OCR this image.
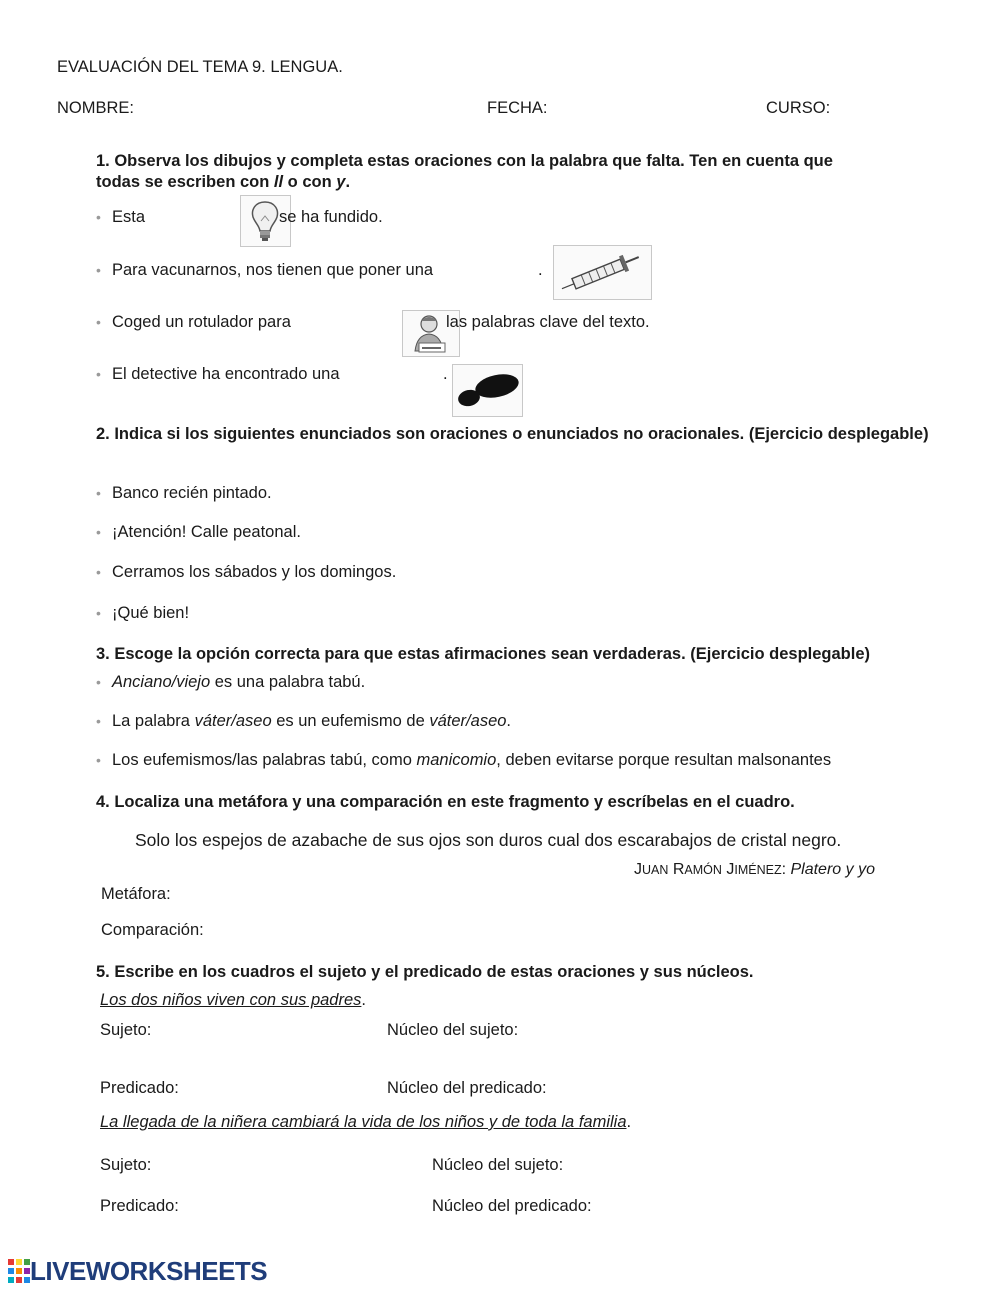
EVALUACIÓN DEL TEMA 9. LENGUA.
NOMBRE:	FECHA:	CURSO:
1. Observa los dibujos y completa estas oraciones con la palabra que falta. Ten en cuenta que
todas se escriben con ll o con y.
• Esta	se ha fundido.
• Para vacunarnos, nos tienen que poner una	.
• Coged un rotulador para	las palabras clave del texto.
• El detective ha encontrado una	.
2. Indica si los siguientes enunciados son oraciones o enunciados no oracionales. (Ejercicio desplegable)
• Banco recién pintado.
• ¡Atención! Calle peatonal.
• Cerramos los sábados y los domingos.
• ¡Qué bien!
3. Escoge la opción correcta para que estas afirmaciones sean verdaderas. (Ejercicio desplegable)
• Anciano/viejo es una palabra tabú.
• La palabra váter/aseo es un eufemismo de váter/aseo.
• Los eufemismos/las palabras tabú, como manicomio, deben evitarse porque resultan malsonantes
4. Localiza una metáfora y una comparación en este fragmento y escríbelas en el cuadro.
Solo los espejos de azabache de sus ojos son duros cual dos escarabajos de cristal negro.
JUAN RAMÓN JIMÉNEZ: Platero y yo
Metáfora:
Comparación:
5. Escribe en los cuadros el sujeto y el predicado de estas oraciones y sus núcleos.
Los dos niños viven con sus padres.
Sujeto:	Núcleo del sujeto:
Predicado:	Núcleo del predicado:
La llegada de la niñera cambiará la vida de los niños y de toda la familia.
Sujeto:	Núcleo del sujeto:
Predicado:	Núcleo del predicado:
LIVEWORKSHEETS
